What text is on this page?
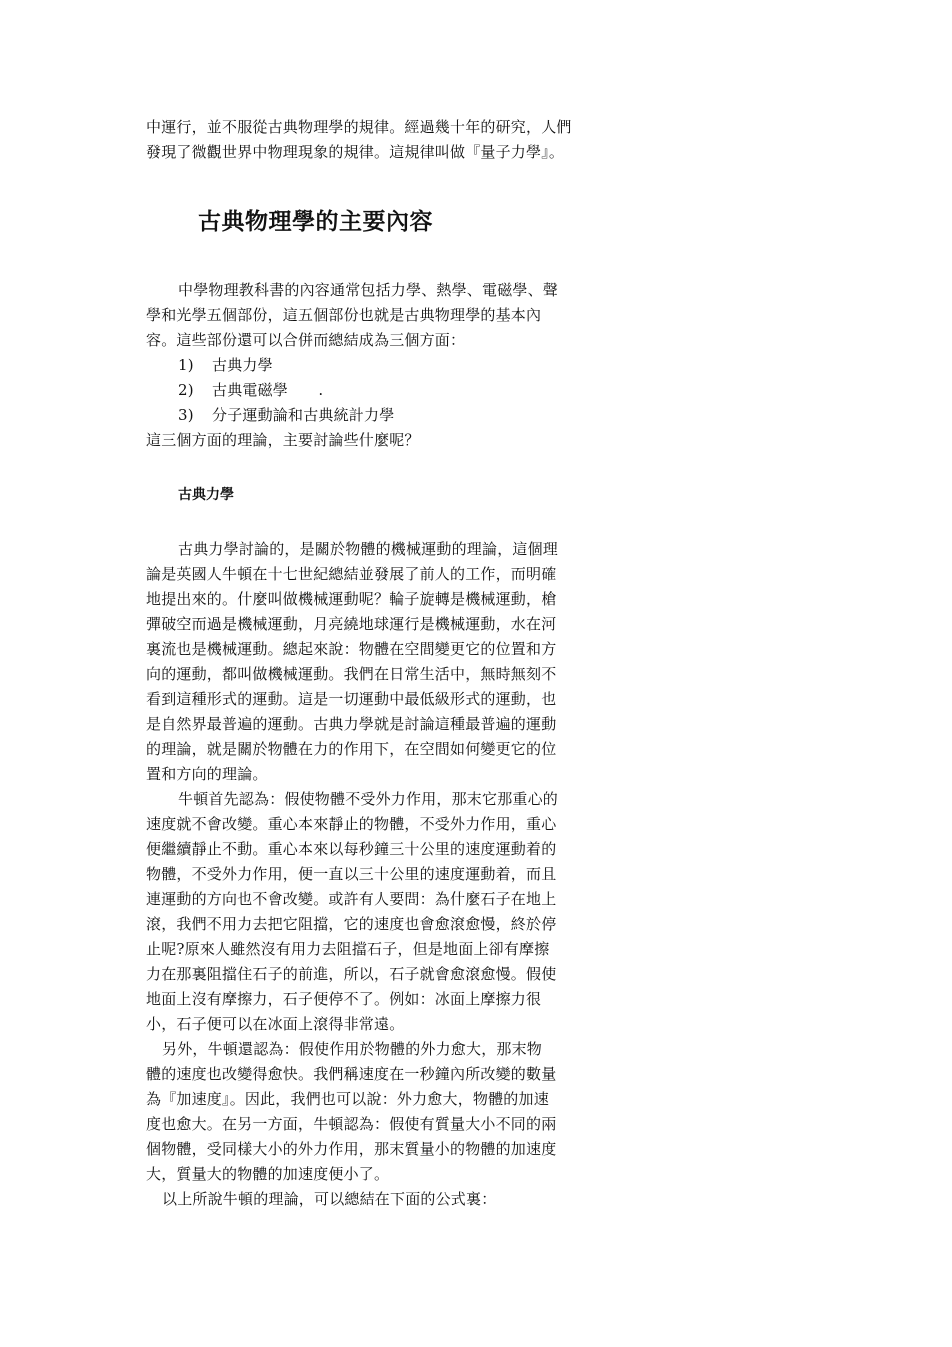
中運行，並不服從古典物理學的規律。經過幾十年的研究，人們
發現了微觀世界中物理現象的規律。這規律叫做『量子力學』。
古典物理學的主要內容
中學物理教科書的內容通常包括力學、熱學、電磁學、聲
學和光學五個部份，這五個部份也就是古典物理學的基本內
容。這些部份還可以合併而總結成為三個方面：
1) 古典力學
2) 古典電磁學　　.
3) 分子運動論和古典統計力學
這三個方面的理論，主要討論些什麼呢？
古典力學
古典力學討論的，是關於物體的機械運動的理論，這個理
論是英國人牛頓在十七世紀總結並發展了前人的工作，而明確
地提出來的。什麼叫做機械運動呢？輪子旋轉是機械運動，槍
彈破空而過是機械運動，月亮繞地球運行是機械運動，水在河
裏流也是機械運動。總起來說：物體在空間變更它的位置和方
向的運動，都叫做機械運動。我們在日常生活中，無時無刻不
看到這種形式的運動。這是一切運動中最低級形式的運動，也
是自然界最普遍的運動。古典力學就是討論這種最普遍的運動
的理論，就是關於物體在力的作用下，在空間如何變更它的位
置和方向的理論。
牛頓首先認為：假使物體不受外力作用，那末它那重心的
速度就不會改變。重心本來靜止的物體，不受外力作用，重心
便繼續靜止不動。重心本來以每秒鐘三十公里的速度運動着的
物體，不受外力作用，便一直以三十公里的速度運動着，而且
連運動的方向也不會改變。或許有人要問：為什麼石子在地上
滾，我們不用力去把它阻擋，它的速度也會愈滾愈慢，終於停
止呢?原來人雖然沒有用力去阻擋石子，但是地面上卻有摩擦
力在那裏阻擋住石子的前進，所以，石子就會愈滾愈慢。假使
地面上沒有摩擦力，石子便停不了。例如：冰面上摩擦力很
小，石子便可以在冰面上滾得非常遠。
另外，牛頓還認為：假使作用於物體的外力愈大，那末物
體的速度也改變得愈快。我們稱速度在一秒鐘內所改變的數量
為『加速度』。因此，我們也可以說：外力愈大，物體的加速
度也愈大。在另一方面，牛頓認為：假使有質量大小不同的兩
個物體，受同樣大小的外力作用，那末質量小的物體的加速度
大，質量大的物體的加速度便小了。
以上所說牛頓的理論，可以總結在下面的公式裏：
